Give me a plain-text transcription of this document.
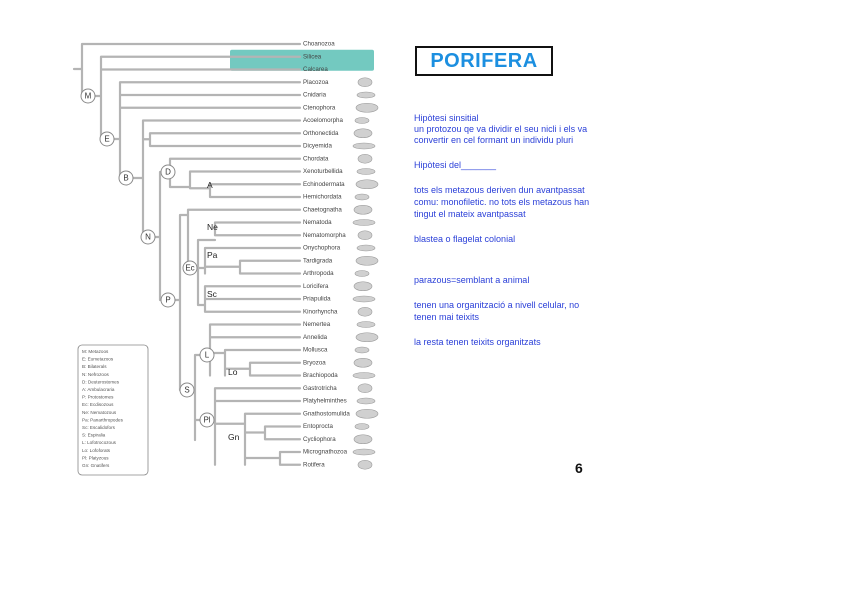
Choanozoa
Silicea
Calcarea
Placozoa
Cnidaria
Ctenophora
Acoelomorpha
Orthonectida
Dicyemida
Chordata
Xenoturbellida
Echinodermata
Hemichordata
Chaetognatha
Nematoda
Nematomorpha
Onychophora
Tardigrada
Arthropoda
Loricifera
Priapulida
Kinorhyncha
Nemertea
Annelida
Mollusca
Bryozoa
Brachiopoda
Gastrotricha
Platyhelminthes
Gnathostomulida
Entoprocta
Cycliophora
Micrognathozoa
Rotifera
M
E
B
D
N
Ec
P
L
S
Pl
A
Ne
Pa
Sc
Lo
Gn
M: Metazoos
E: Eumetazoos
B: Bilaterals
N: Nefrozoos
D: Deuterostomes
A: Ambulacraria
P: Protostomes
Ec: Ecdisozous
Ne: Nematozous
Pa: Panarthropodes
Sc: Escalidofors
S: Espiralia
L: Lofotrocozous
Lo: Lofoforats
Pl: Platyzous
Gn: Gnatifers
PORIFERA
Hipòtesi sinsitial
un protozou qe va dividir el seu nicli i els va
convertir en cel formant un individu pluri
Hipòtesi del_______
tots els metazous deriven dun avantpassat
comu: monofiletic. no tots els metazous han
tingut el mateix avantpassat
blastea o flagelat colonial
parazous=semblant a animal
tenen una organització a nivell celular, no
tenen mai teixits
la resta tenen teixits organitzats
6
